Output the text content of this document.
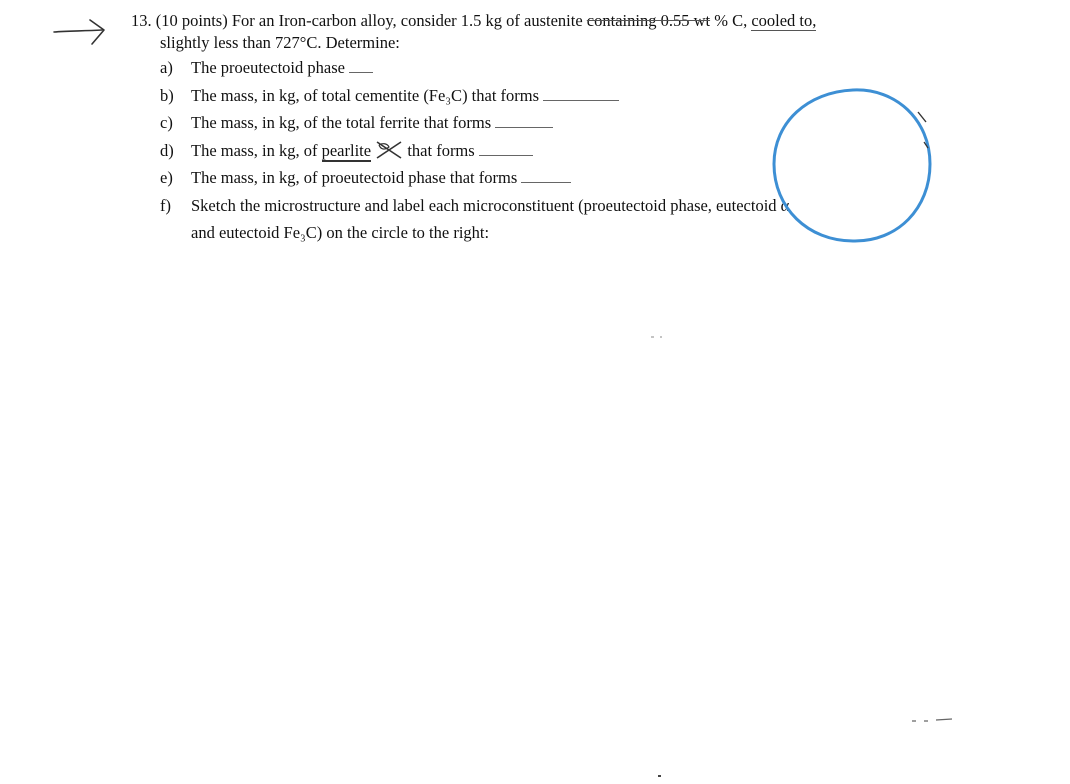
13. (10 points) For an Iron-carbon alloy, consider 1.5 kg of austenite containing 0.55 wt % C, cooled to,
slightly less than 727°C. Determine:
a) The proeutectoid phase
b) The mass, in kg, of total cementite (Fe₃C) that forms
c) The mass, in kg, of the total ferrite that forms
d) The mass, in kg, of pearlite  that forms
e) The mass, in kg, of proeutectoid phase that forms
f) Sketch the microstructure and label each microconstituent (proeutectoid phase, eutectoid α and eutectoid Fe₃C) on the circle to the right:
